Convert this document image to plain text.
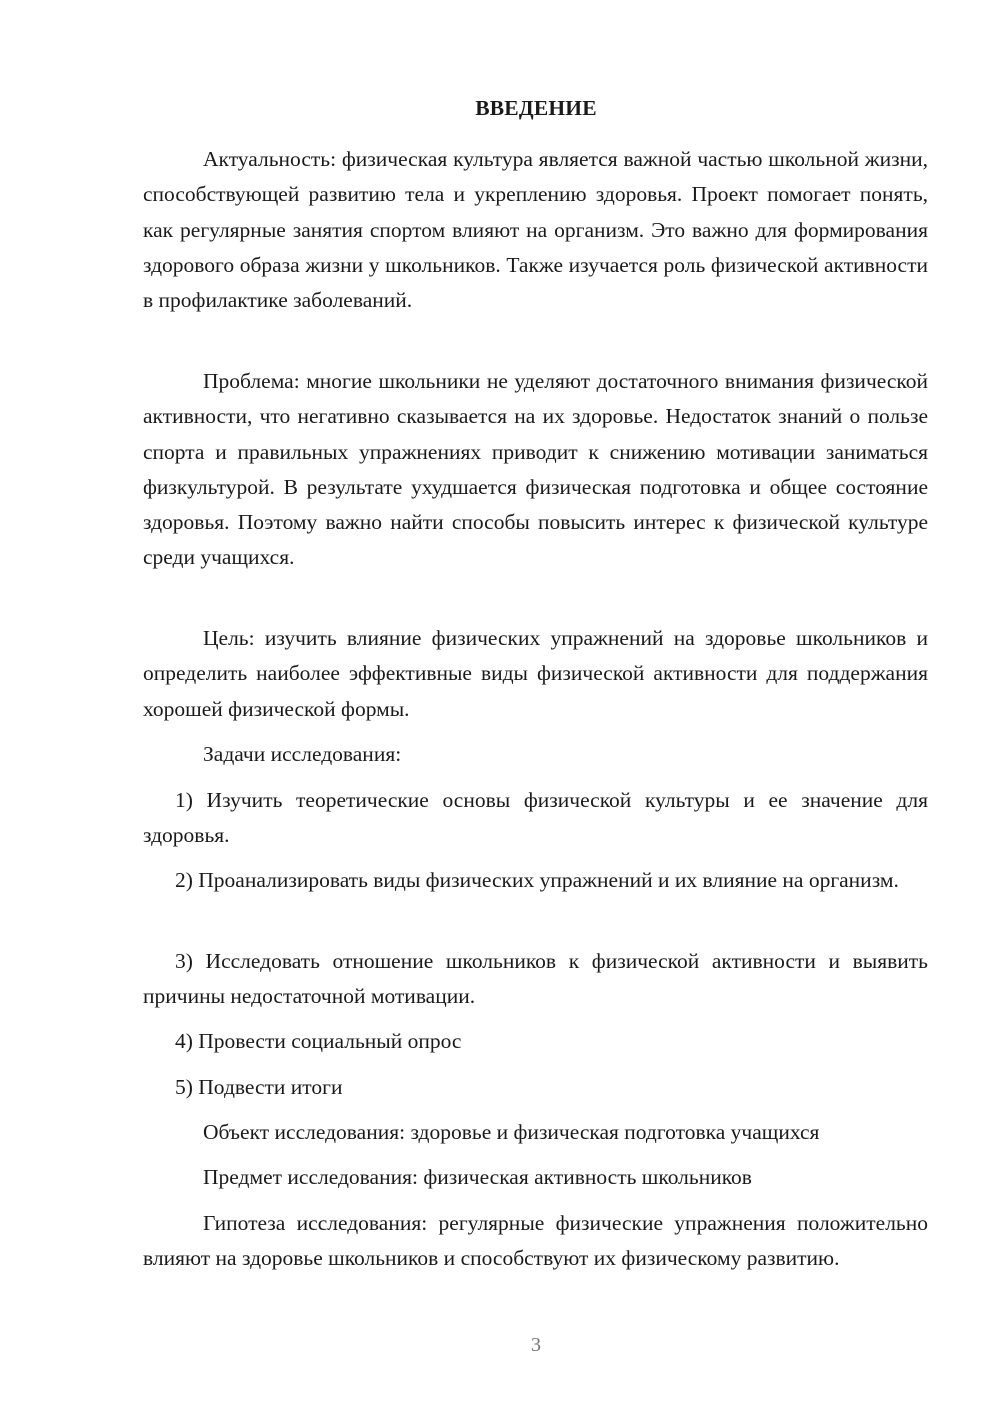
ВВЕДЕНИЕ

Актуальность: физическая культура является важной частью школьной жизни, способствующей развитию тела и укреплению здоровья. Проект помогает понять, как регулярные занятия спортом влияют на организм. Это важно для формирования здорового образа жизни у школьников. Также изучается роль физической активности в профилактике заболеваний.

Проблема: многие школьники не уделяют достаточного внимания физической активности, что негативно сказывается на их здоровье. Недостаток знаний о пользе спорта и правильных упражнениях приводит к снижению мотивации заниматься физкультурой. В результате ухудшается физическая подготовка и общее состояние здоровья. Поэтому важно найти способы повысить интерес к физической культуре среди учащихся.

Цель: изучить влияние физических упражнений на здоровье школьников и определить наиболее эффективные виды физической активности для поддержания хорошей физической формы.

Задачи исследования:

1) Изучить теоретические основы физической культуры и ее значение для здоровья.

2) Проанализировать виды физических упражнений и их влияние на организм.

3) Исследовать отношение школьников к физической активности и выявить причины недостаточной мотивации.

4) Провести социальный опрос

5) Подвести итоги

Объект исследования: здоровье и физическая подготовка учащихся

Предмет исследования: физическая активность школьников

Гипотеза исследования: регулярные физические упражнения положительно влияют на здоровье школьников и способствуют их физическому развитию.

3
